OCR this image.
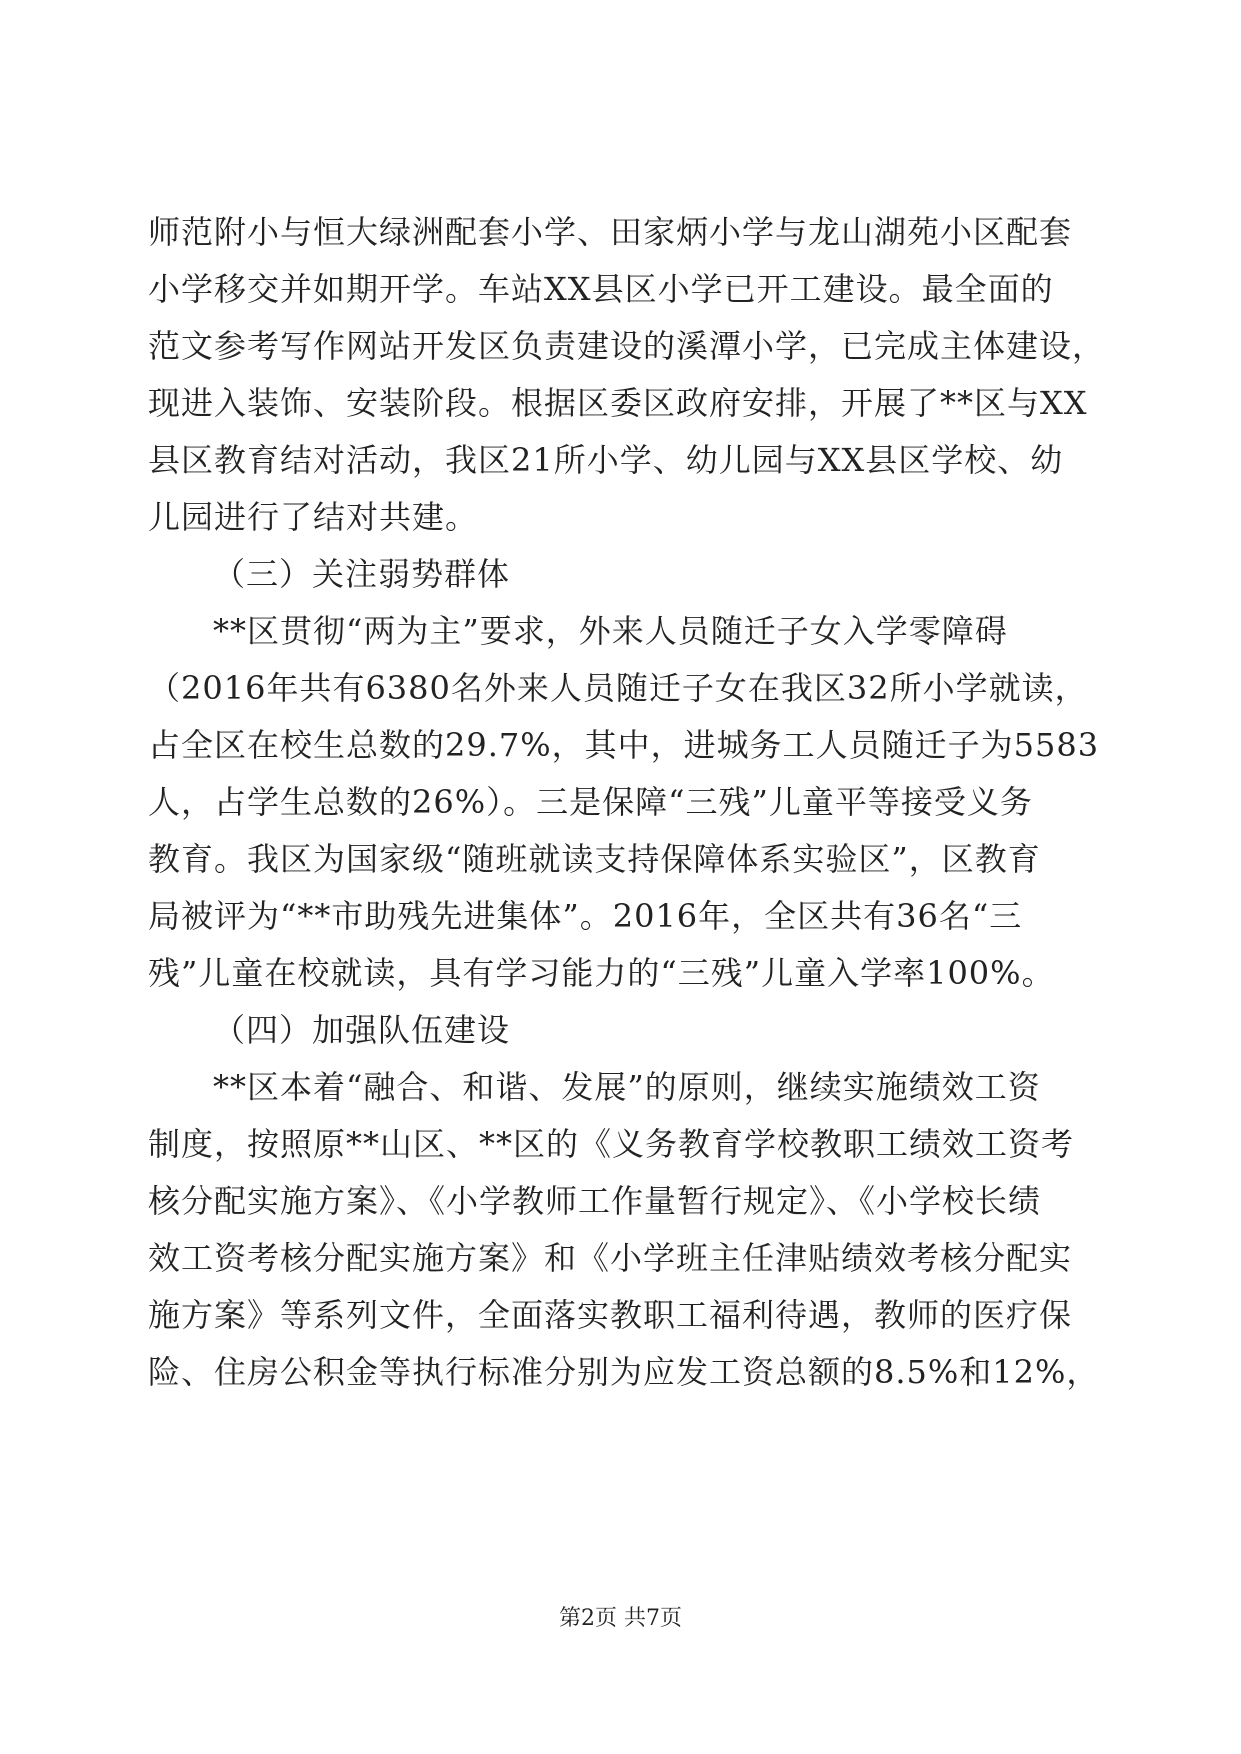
师范附小与恒大绿洲配套小学、田家炳小学与龙山湖苑小区配套
小学移交并如期开学。车站XX县区小学已开工建设。最全面的
范文参考写作网站开发区负责建设的溪潭小学，已完成主体建设，
现进入装饰、安装阶段。根据区委区政府安排，开展了**区与XX
县区教育结对活动，我区21所小学、幼儿园与XX县区学校、幼
儿园进行了结对共建。
（三）关注弱势群体
**区贯彻“两为主”要求，外来人员随迁子女入学零障碍
（2016年共有6380名外来人员随迁子女在我区32所小学就读，
占全区在校生总数的29.7%，其中，进城务工人员随迁子为5583
人，占学生总数的26%）。三是保障“三残”儿童平等接受义务
教育。我区为国家级“随班就读支持保障体系实验区”，区教育
局被评为“**市助残先进集体”。2016年，全区共有36名“三
残”儿童在校就读，具有学习能力的“三残”儿童入学率100%。
（四）加强队伍建设
**区本着“融合、和谐、发展”的原则，继续实施绩效工资
制度，按照原**山区、**区的《义务教育学校教职工绩效工资考
核分配实施方案》、《小学教师工作量暂行规定》、《小学校长绩
效工资考核分配实施方案》和《小学班主任津贴绩效考核分配实
施方案》等系列文件，全面落实教职工福利待遇，教师的医疗保
险、住房公积金等执行标准分别为应发工资总额的8.5%和12%，
第2页 共7页
